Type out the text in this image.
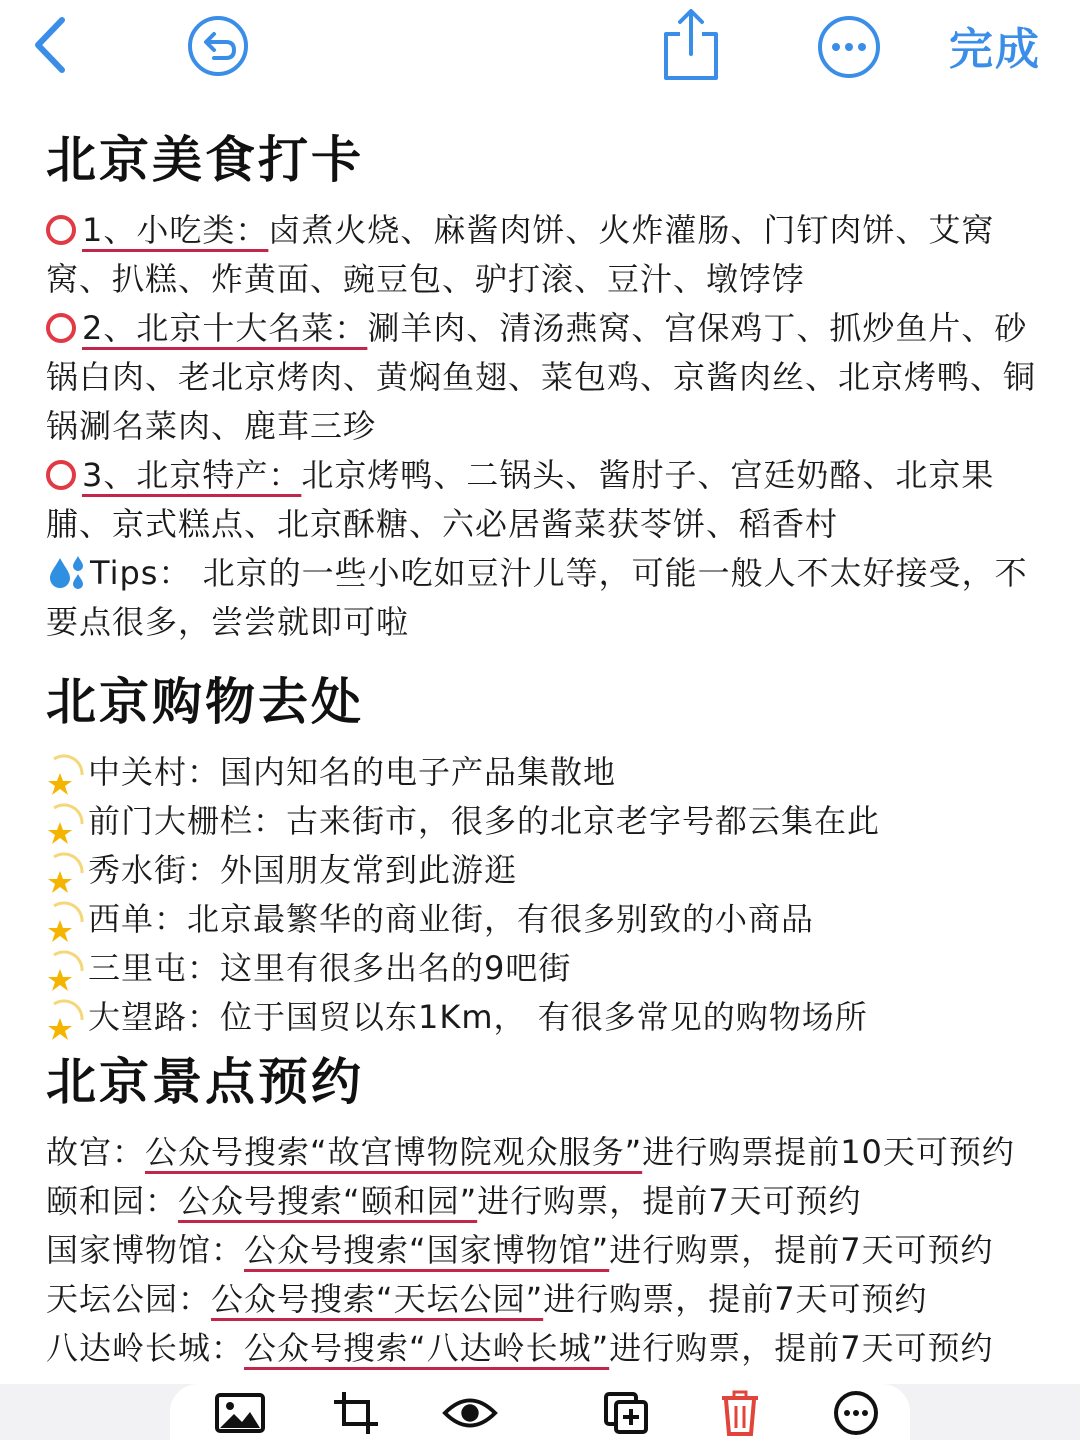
完成
北京美食打卡
1、小吃类：卤煮火烧、麻酱肉饼、火炸灌肠、门钉肉饼、艾窝
窝、扒糕、炸黄面、豌豆包、驴打滚、豆汁、墩饽饽
2、北京十大名菜：涮羊肉、清汤燕窝、宫保鸡丁、抓炒鱼片、砂
锅白肉、老北京烤肉、黄焖鱼翅、菜包鸡、京酱肉丝、北京烤鸭、铜
锅涮名菜肉、鹿茸三珍
3、北京特产：北京烤鸭、二锅头、酱肘子、宫廷奶酪、北京果
脯、京式糕点、北京酥糖、六必居酱菜获苓饼、稻香村
Tips： 北京的一些小吃如豆汁儿等，可能一般人不太好接受，不
要点很多，尝尝就即可啦
北京购物去处
中关村：国内知名的电子产品集散地
前门大栅栏：古来街市，很多的北京老字号都云集在此
秀水街：外国朋友常到此游逛
西单：北京最繁华的商业街，有很多别致的小商品
三里屯：这里有很多出名的9吧街
大望路：位于国贸以东1Km， 有很多常见的购物场所
北京景点预约
故宫：公众号搜索“故宫博物院观众服务”进行购票提前10天可预约
颐和园：公众号搜索“颐和园”进行购票，提前7天可预约
国家博物馆：公众号搜索“国家博物馆”进行购票，提前7天可预约
天坛公园：公众号搜索“天坛公园”进行购票，提前7天可预约
八达岭长城：公众号搜索“八达岭长城”进行购票，提前7天可预约
